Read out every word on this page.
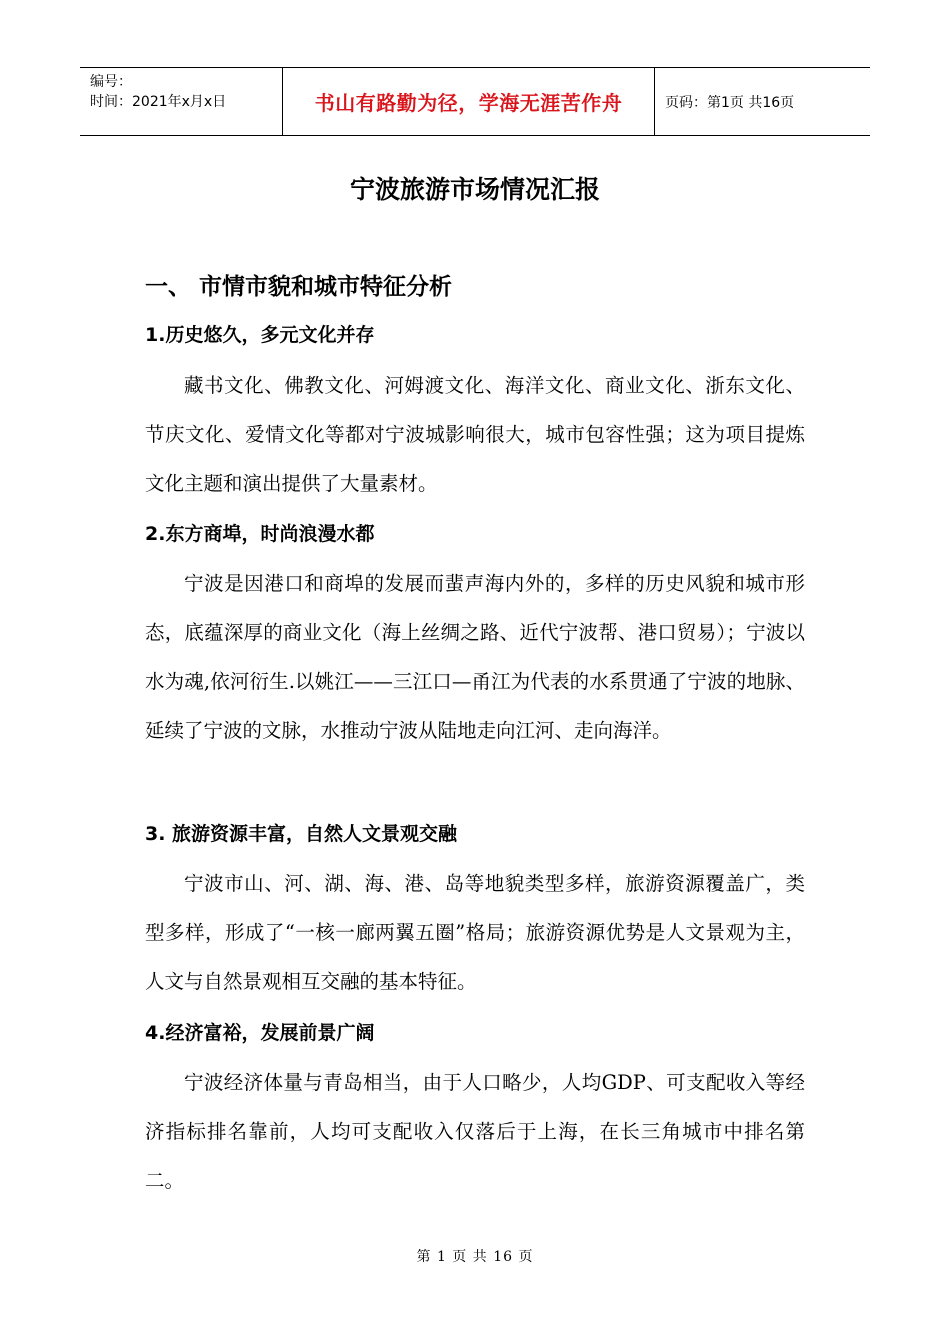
编号：
时间：2021年x月x日	书山有路勤为径，学海无涯苦作舟	页码：第1页 共16页
宁波旅游市场情况汇报
一、 市情市貌和城市特征分析
1.历史悠久，多元文化并存
藏书文化、佛教文化、河姆渡文化、海洋文化、商业文化、浙东文化、节庆文化、爱情文化等都对宁波城影响很大，城市包容性强；这为项目提炼文化主题和演出提供了大量素材。
2.东方商埠，时尚浪漫水都
宁波是因港口和商埠的发展而蜚声海内外的，多样的历史风貌和城市形态，底蕴深厚的商业文化（海上丝绸之路、近代宁波帮、港口贸易）；宁波以水为魂,依河衍生.以姚江——三江口—甬江为代表的水系贯通了宁波的地脉、延续了宁波的文脉，水推动宁波从陆地走向江河、走向海洋。
3. 旅游资源丰富，自然人文景观交融
宁波市山、河、湖、海、港、岛等地貌类型多样，旅游资源覆盖广，类型多样，形成了“一核一廊两翼五圈”格局；旅游资源优势是人文景观为主，人文与自然景观相互交融的基本特征。
4.经济富裕，发展前景广阔
宁波经济体量与青岛相当，由于人口略少，人均GDP、可支配收入等经济指标排名靠前，人均可支配收入仅落后于上海，在长三角城市中排名第二。
第 1 页 共 16 页
